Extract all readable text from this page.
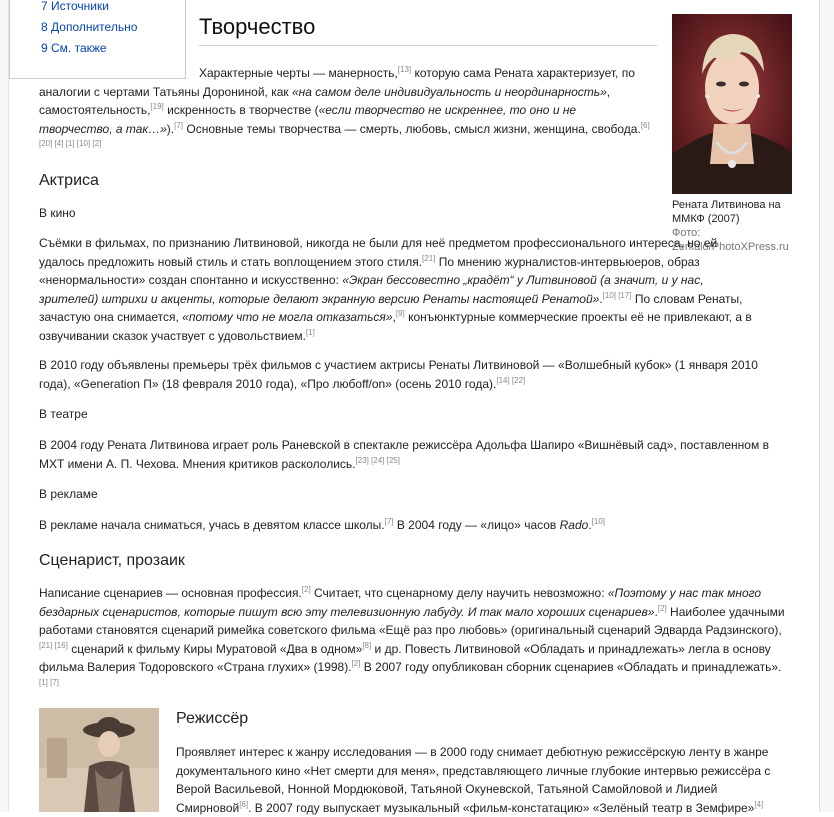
7 Источники
8 Дополнительно
9 См. также
Творчество
Рената Литвинова на ММКФ (2007)
Фото: Zerkalo/PhotoXPress.ru

Характерные черты — манерность,[13] которую сама Рената характеризует, по аналогии с чертами Татьяны Дорониной, как «на самом деле индивидуальность и неординарность», самостоятельность,[19] искренность в творчестве («если творчество не искреннее, то оно и не творчество, а так…»).[7] Основные темы творчества — смерть, любовь, смысл жизни, женщина, свобода.[6] [20] [4] [1] [10] [2]

Актриса

В кино

Съёмки в фильмах, по признанию Литвиновой, никогда не были для неё предметом профессионального интереса, но ей удалось предложить новый стиль и стать воплощением этого стиля.[21] По мнению журналистов-интервьюеров, образ «ненормальности» создан спонтанно и искусственно: «Экран бессовестно „крадёт“ у Литвиновой (а значит, и у нас, зрителей) штрихи и акценты, которые делают экранную версию Ренаты настоящей Ренатой».[10] [17] По словам Ренаты, зачастую она снимается, «потому что не могла отказаться»,[9] конъюнктурные коммерческие проекты её не привлекают, а в озвучивании сказок участвует с удовольствием.[1]

В 2010 году объявлены премьеры трёх фильмов с участием актрисы Ренаты Литвиновой — «Волшебный кубок» (1 января 2010 года), «Generation П» (18 февраля 2010 года), «Про любоff/on» (осень 2010 года).[14] [22]

В театре

В 2004 году Рената Литвинова играет роль Раневской в спектакле режиссёра Адольфа Шапиро «Вишнёвый сад», поставленном в МХТ имени А. П. Чехова. Мнения критиков раскололись.[23] [24] [25]

В рекламе

В рекламе начала сниматься, учась в девятом классе школы.[7] В 2004 году — «лицо» часов Rado.[10]

Сценарист, прозаик

Написание сценариев — основная профессия.[2] Считает, что сценарному делу научить невозможно: «Поэтому у нас так много бездарных сценаристов, которые пишут всю эту телевизионную лабуду. И так мало хороших сценариев».[2] Наиболее удачными работами становятся сценарий римейка советского фильма «Ещё раз про любовь» (оригинальный сценарий Эдварда Радзинского),[21] [16] сценарий к фильму Киры Муратовой «Два в одном»[8] и др. Повесть Литвиновой «Обладать и принадлежать» легла в основу фильма Валерия Тодоровского «Страна глухих» (1998).[2] В 2007 году опубликован сборник сценариев «Обладать и принадлежать».[1] [7]

Режиссёр

Проявляет интерес к жанру исследования — в 2000 году снимает дебютную режиссёрскую ленту в жанре документального кино «Нет смерти для меня», представляющего личные глубокие интервью режиссёра с Верой Васильевой, Нонной Мордюковой, Татьяной Окуневской, Татьяной Самойловой и Лидией Смирновой[6]. В 2007 году выпускает музыкальный «фильм-констатацию» «Зелёный театр в Земфире»[4]
